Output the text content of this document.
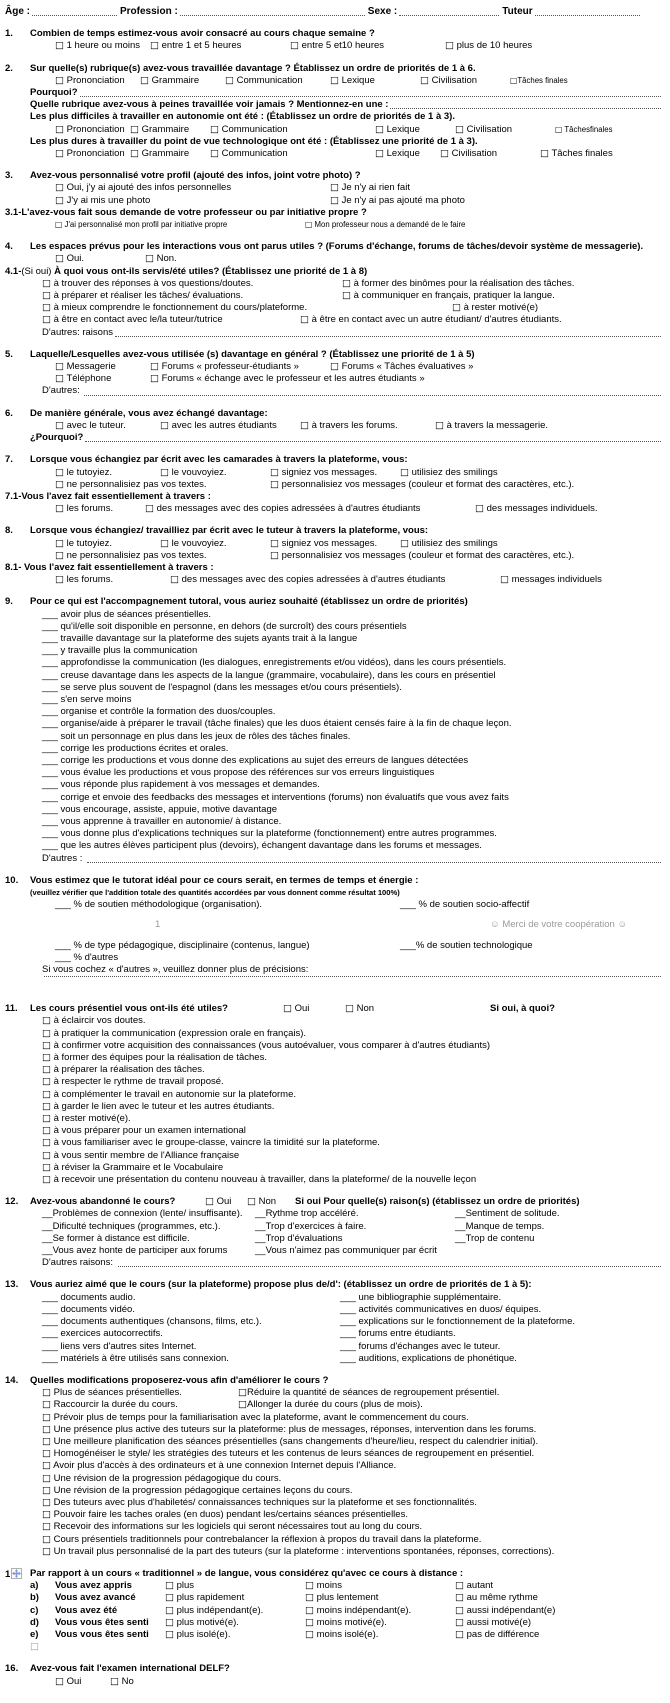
Âge :	Profession :	Sexe :	Tuteur
1. Combien de temps estimez-vous avoir consacré au cours chaque semaine ?
□ 1 heure ou moins	□ entre 1 et 5 heures	□ entre 5 et10 heures	□ plus de 10 heures
2. Sur quelle(s) rubrique(s) avez-vous travaillée davantage ? Établissez un ordre de priorités de 1 à 6.
□ Prononciation	□ Grammaire	□ Communication	□ Lexique	□ Civilisation	□Tâches finales
Pourquoi?
Quelle rubrique avez-vous à peines travaillée voir jamais ? Mentionnez-en une :
Les plus difficiles à travailler en autonomie ont été : (Établissez un ordre de priorités de 1 à 3).
□ Prononciation □ Grammaire	□ Communication	□ Lexique	□ Civilisation	□ Tâchesfinales
Les plus dures à travailler du point de vue technologique ont été : (Établissez une priorité de 1 à 3).
□ Prononciation □ Grammaire	□ Communication	□ Lexique	□ Civilisation	□ Tâches finales
3. Avez-vous personnalisé votre profil (ajouté des infos, joint votre photo) ?
□ Oui, j'y ai ajouté des infos personnelles	□ Je n'y ai rien fait
□ J'y ai mis une photo	□ Je n'y ai pas ajouté ma photo
3.1-L'avez-vous fait sous demande de votre professeur ou par initiative propre ?
□ J'ai personnalisé mon profil par initiative propre	□ Mon professeur nous a demandé de le faire
4. Les espaces prévus pour les interactions vous ont parus utiles ? (Forums d'échange, forums de tâches/devoir système de messagerie).
□ Oui.	□ Non.
4.1- (Si oui) À quoi vous ont-ils servis/été utiles? (Établissez une priorité de 1 à 8)
□ à trouver des réponses à vos questions/doutes.	□ à former des binômes pour la réalisation des tâches.
□ à préparer et réaliser les tâches/ évaluations.	□ à communiquer en français, pratiquer la langue.
□ à mieux comprendre le fonctionnement du cours/plateforme.	□ à rester motivé(e)
□ à être en contact avec le/la tuteur/tutrice	□ à être en contact avec un autre étudiant/ d'autres étudiants.
D'autres: raisons
5. Laquelle/Lesquelles avez-vous utilisée (s) davantage en général ? (Établissez une priorité de 1 à 5)
□ Messagerie	□ Forums « professeur-étudiants »	□ Forums « Tâches évaluatives »
□ Téléphone	□ Forums « échange avec le professeur et les autres étudiants »
D'autres:
6. De manière générale, vous avez échangé davantage:
□ avec le tuteur.	□ avec les autres étudiants	□ à travers les forums.	□ à travers la messagerie.
¿Pourquoi?
7. Lorsque vous échangiez par écrit avec les camarades à travers la plateforme, vous:
□ le tutoyiez.	□ le vouvoyiez.	□ signiez vos messages.	□ utilisiez des smilings
□ ne personnalisiez pas vos textes.	□ personnalisiez vos messages (couleur et format des caractères, etc.).
7.1-Vous l'avez fait essentiellement à travers :
□ les forums.	□ des messages avec des copies adressées à d'autres étudiants	□ des messages individuels.
8. Lorsque vous échangiez/ travailliez par écrit avec le tuteur à travers la plateforme, vous:
□ le tutoyiez.	□ le vouvoyiez.	□ signiez vos messages.	□ utilisiez des smilings
□ ne personnalisiez pas vos textes.	□ personnalisiez vos messages (couleur et format des caractères, etc.).
8.1- Vous l'avez fait essentiellement à travers :
□ les forums.	□ des messages avec des copies adressées à d'autres étudiants	□ messages individuels
9. Pour ce qui est l'accompagnement tutoral, vous auriez souhaité (établissez un ordre de priorités)
___ avoir plus de séances présentielles.
___ qu'il/elle soit disponible en personne, en dehors (de surcroît) des cours présentiels
___ travaille davantage sur la plateforme des sujets ayants trait à la langue
___ y travaille plus la communication
___ approfondisse la communication (les dialogues, enregistrements et/ou vidéos), dans les cours présentiels.
___ creuse davantage dans les aspects de la langue (grammaire, vocabulaire), dans les cours en présentiel
___ se serve plus souvent de l'espagnol (dans les messages et/ou cours présentiels).
___ s'en serve moins
___ organise et contrôle la formation des duos/couples.
___ organise/aide à préparer le travail (tâche finales) que les duos étaient censés faire à la fin de chaque leçon.
___ soit un personnage en plus dans les jeux de rôles des tâches finales.
___ corrige les productions écrites et orales.
___ corrige les productions et vous donne des explications au sujet des erreurs de langues détectées
___ vous évalue les productions et vous propose des références sur vos erreurs linguistiques
___ vous réponde plus rapidement à vos messages et demandes.
___ corrige et envoie des feedbacks des messages et interventions (forums) non évaluatifs que vous avez faits
___ vous encourage, assiste, appuie, motive davantage
___ vous apprenne à travailler en autonomie/ à distance.
___ vous donne plus d'explications techniques sur la plateforme (fonctionnement) entre autres programmes.
___ que les autres élèves participent plus (devoirs), échangent davantage dans les forums et messages.
D'autres :
10. Vous estimez que le tutorat idéal pour ce cours serait, en termes de temps et énergie :
(veuillez vérifier que l'addition totale des quantités accordées par vous donnent comme résultat 100%)
___ % de soutien méthodologique (organisation).	___ % de soutien socio-affectif
1	☺ Merci de votre coopération ☺
___ % de type pédagogique, disciplinaire (contenus, langue)	___% de soutien technologique
___ % d'autres
Si vous cochez « d'autres », veuillez donner plus de précisions:
11. Les cours présentiel vous ont-ils été utiles?	□ Oui	□ Non	Si oui, à quoi?
□ à éclaircir vos doutes.
□ à pratiquer la communication (expression orale en français).
□ à confirmer votre acquisition des connaissances (vous autoévaluer, vous comparer à d'autres étudiants)
□ à former des équipes pour la réalisation de tâches.
□ à préparer la réalisation des tâches.
□ à respecter le rythme de travail proposé.
□ à complémenter le travail en autonomie sur la plateforme.
□ à garder le lien avec le tuteur et les autres étudiants.
□ à rester motivé(e).
□ à vous préparer pour un examen international
□ à vous familiariser avec le groupe-classe, vaincre la timidité sur la plateforme.
□ à vous sentir membre de l'Alliance française
□ à réviser la Grammaire et le Vocabulaire
□ à recevoir une présentation du contenu nouveau à travailler, dans la plateforme/ de la nouvelle leçon
12. Avez-vous abandonné le cours?	□ Oui	□ Non	Si oui Pour quelle(s) raison(s) (établissez un ordre de priorités)
__Problèmes de connexion (lente/ insuffisante).	__Rythme trop accéléré.	__Sentiment de solitude.
__Dificulté techniques (programmes, etc.).	__Trop d'exercices à faire.	__Manque de temps.
__Se former à distance est difficile.	__Trop d'évaluations	__Trop de contenu
__Vous avez honte de participer aux forums	__Vous n'aimez pas communiquer par écrit
D'autres raisons:
13. Vous auriez aimé que le cours (sur la plateforme) propose plus de/d': (établissez un ordre de priorités de 1 à 5):
___ documents audio.	___ une bibliographie supplémentaire.
___ documents vidéo.	___ activités communicatives en duos/ équipes.
___ documents authentiques (chansons, films, etc.).	___ explications sur le fonctionnement de la plateforme.
___ exercices autocorrectifs.	___ forums entre étudiants.
___ liens vers d'autres sites Internet.	___ forums d'échanges avec le tuteur.
___ matériels à être utilisés sans connexion.	___ auditions, explications de phonétique.
14. Quelles modifications proposerez-vous afin d'améliorer le cours ?
□ Plus de séances présentielles.	□Réduire la quantité de séances de regroupement présentiel.
□ Raccourcir la durée du cours.	□Allonger la durée du cours (plus de mois).
□ Prévoir plus de temps pour la familiarisation avec la plateforme, avant le commencement du cours.
□ Une présence plus active des tuteurs sur la plateforme: plus de messages, réponses, intervention dans les forums.
□ Une meilleure planification des séances présentielles (sans changements d'heure/lieu, respect du calendrier initial).
□ Homogénéiser le style/ les stratégies des tuteurs et les contenus de leurs séances de regroupement en présentiel.
□ Avoir plus d'accès à des ordinateurs et à une connexion Internet depuis l'Alliance.
□ Une révision de la progression pédagogique du cours.
□ Une révision de la progression pédagogique certaines leçons du cours.
□ Des tuteurs avec plus d'habiletés/ connaissances techniques sur la plateforme et ses fonctionnalités.
□ Pouvoir faire les taches orales (en duos) pendant les/certains séances présentielles.
□ Recevoir des informations sur les logiciels qui seront nécessaires tout au long du cours.
□ Cours présentiels traditionnels pour contrebalancer la réflexion à propos du travail dans la plateforme.
□ Un travail plus personnalisé de la part des tuteurs (sur la plateforme : interventions spontanées, réponses, corrections).
1	Par rapport à un cours « traditionnel » de langue, vous considérez qu'avec ce cours à distance :
a)	Vous avez appris	□ plus	□ moins	□ autant
b)	Vous avez avancé	□ plus rapidement	□ plus lentement	□ au même rythme
c)	Vous avez été	□ plus indépendant(e).	□ moins indépendant(e).	□ aussi indépendant(e)
d)	Vous vous êtes senti	□ plus motivé(e).	□ moins motivé(e).	□ aussi motivé(e)
e)	Vous vous êtes senti	□ plus isolé(e).	□ moins isolé(e).	□ pas de différence
□
16. Avez-vous fait l'examen international DELF?
□ Oui	□ No
